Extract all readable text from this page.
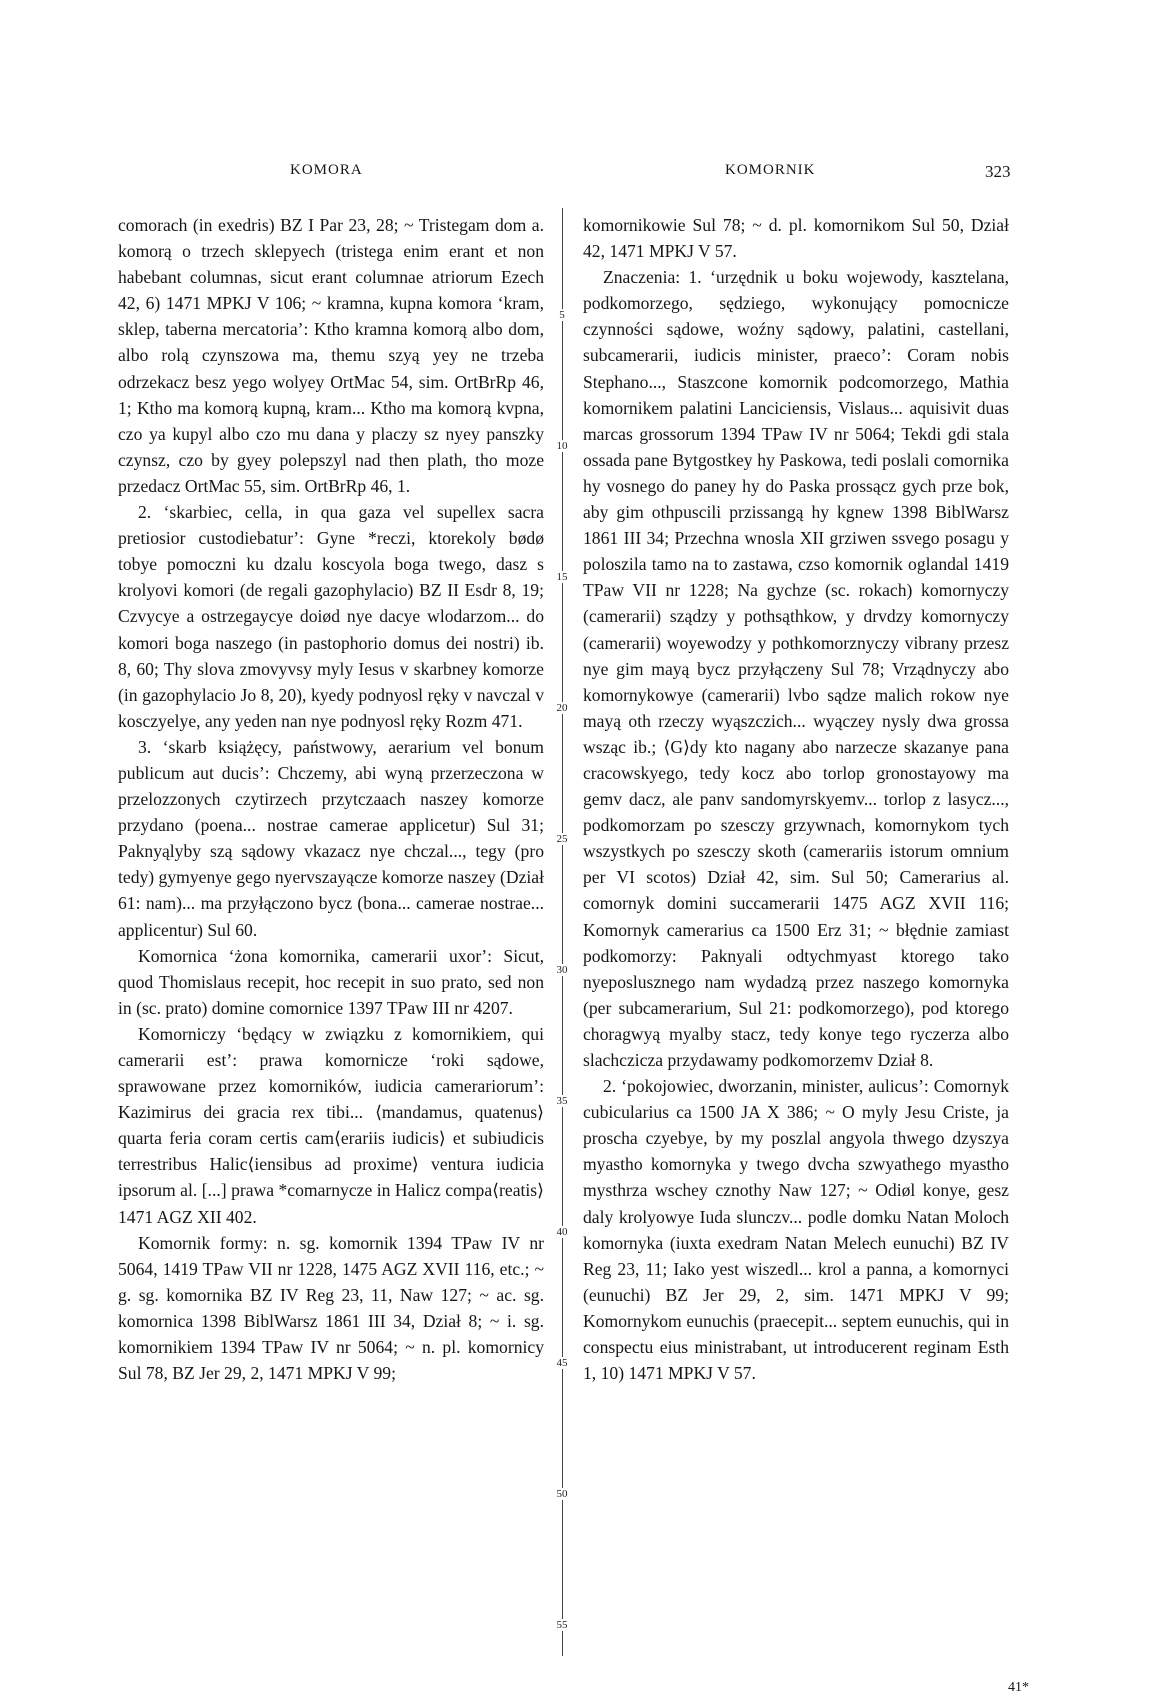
KOMORA	KOMORNIK	323

comorach (in exedris) BZ I Par 23, 28; ~ Tristegam dom a. komorą o trzech sklepyech (tristega enim erant et non habebant columnas, sicut erant columnae atriorum Ezech 42, 6) 1471 MPKJ V 106; ~ kramna, kupna komora ʻkram, sklep, taberna mercatoriaʼ: Ktho kramna komorą albo dom, albo rolą czynszowa ma, themu szyą yey ne trzeba odrzekacz besz yego wolyey OrtMac 54, sim. OrtBrRp 46, 1; Ktho ma komorą kupną, kram... Ktho ma komorą kvpna, czo ya kupyl albo czo mu dana y placzy sz nyey panszky czynsz, czo by gyey polepszyl nad then plath, tho moze przedacz OrtMac 55, sim. OrtBrRp 46, 1.

2. ʻskarbiec, cella, in qua gaza vel supellex sacra pretiosior custodiebaturʼ: Gyne *reczi, ktorekoly bødø tobye pomoczni ku dzalu koscyola boga twego, dasz s krolyovi komori (de regali gazophylacio) BZ II Esdr 8, 19; Czvycye a ostrzegaycye doiød nye dacye wlodarzom... do komori boga naszego (in pastophorio domus dei nostri) ib. 8, 60; Thy slova zmovyvsy myly Iesus v skarbney komorze (in gazophylacio Jo 8, 20), kyedy podnyosl ręky v navczal v kosczyelye, any yeden nan nye podnyosl ręky Rozm 471.

3. ʻskarb książęcy, państwowy, aerarium vel bonum publicum aut ducisʼ: Chczemy, abi wyną przerzeczona w przelozzonych czytirzech przytczaach naszey komorze przydano (poena... nostrae camerae applicetur) Sul 31; Paknyąlyby szą sądowy vkazacz nye chczal..., tegy (pro tedy) gymyenye gego nyervszayącze komorze naszey (Dział 61: nam)... ma przyłączono bycz (bona... camerae nostrae... applicentur) Sul 60.

Komornica ʻżona komornika, camerarii uxorʼ: Sicut, quod Thomislaus recepit, hoc recepit in suo prato, sed non in (sc. prato) domine comornice 1397 TPaw III nr 4207.

Komorniczy ʻbędący w związku z komornikiem, qui camerarii estʼ: prawa komornicze ʻroki sądowe, sprawowane przez komorników, iudicia camerariorumʼ: Kazimirus dei gracia rex tibi... ⟨mandamus, quatenus⟩ quarta feria coram certis cam⟨erariis iudicis⟩ et subiudicis terrestribus Halic⟨iensibus ad proxime⟩ ventura iudicia ipsorum al. [...] prawa *comarnycze in Halicz compa⟨reatis⟩ 1471 AGZ XII 402.

Komornik formy: n. sg. komornik 1394 TPaw IV nr 5064, 1419 TPaw VII nr 1228, 1475 AGZ XVII 116, etc.; ~ g. sg. komornika BZ IV Reg 23, 11, Naw 127; ~ ac. sg. komornica 1398 BiblWarsz 1861 III 34, Dział 8; ~ i. sg. komornikiem 1394 TPaw IV nr 5064; ~ n. pl. komornicy Sul 78, BZ Jer 29, 2, 1471 MPKJ V 99;

5
10
15
20
25
30
35
40
45
50
55

komornikowie Sul 78; ~ d. pl. komornikom Sul 50, Dział 42, 1471 MPKJ V 57.

Znaczenia: 1. ʻurzędnik u boku wojewody, kasztelana, podkomorzego, sędziego, wykonujący pomocnicze czynności sądowe, woźny sądowy, palatini, castellani, subcamerarii, iudicis minister, praecoʼ: Coram nobis Stephano..., Staszcone komornik podcomorzego, Mathia komornikem palatini Lanciciensis, Vislaus... aquisivit duas marcas grossorum 1394 TPaw IV nr 5064; Tekdi gdi stala ossada pane Bytgostkey hy Paskowa, tedi poslali comornika hy vosnego do paney hy do Paska prossącz gych prze bok, aby gim othpuscili przissangą hy kgnew 1398 BiblWarsz 1861 III 34; Przechna wnosla XII grziwen ssvego posagu y poloszila tamo na to zastawa, czso komornik oglandal 1419 TPaw VII nr 1228; Na gychze (sc. rokach) komornyczy (camerarii) sządzy y pothsąthkow, y drvdzy komornyczy (camerarii) woyewodzy y pothkomorznyczy vibrany przesz nye gim mayą bycz przyłączeny Sul 78; Vrządnyczy abo komornykowye (camerarii) lvbo sądze malich rokow nye mayą oth rzeczy wyąszczich... wyączey nysly dwa grossa wsząc ib.; ⟨G⟩dy kto nagany abo narzecze skazanye pana cracowskyego, tedy kocz abo torlop gronostayowy ma gemv dacz, ale panv sandomyrskyemv... torlop z lasycz..., podkomorzam po szesczy grzywnach, komornykom tych wszystkych po szesczy skoth (camerariis istorum omnium per VI scotos) Dział 42, sim. Sul 50; Camerarius al. comornyk domini succamerarii 1475 AGZ XVII 116; Komornyk camerarius ca 1500 Erz 31; ~ błędnie zamiast podkomorzy: Paknyali odtychmyast ktorego tako nyeposlusznego nam wydadzą przez naszego komornyka (per subcamerarium, Sul 21: podkomorzego), pod ktorego choragwyą myalby stacz, tedy konye tego ryczerza albo slachczicza przydawamy podkomorzemv Dział 8.

2. ʻpokojowiec, dworzanin, minister, aulicusʼ: Comornyk cubicularius ca 1500 JA X 386; ~ O myly Jesu Criste, ja proscha czyebye, by my poszlal angyola thwego dzyszya myastho komornyka y twego dvcha szwyathego myastho mysthrza wschey cznothy Naw 127; ~ Odiøl konye, gesz daly krolyowye Iuda slunczv... podle domku Natan Moloch komornyka (iuxta exedram Natan Melech eunuchi) BZ IV Reg 23, 11; Iako yest wiszedl... krol a panna, a komornyci (eunuchi) BZ Jer 29, 2, sim. 1471 MPKJ V 99; Komornykom eunuchis (praecepit... septem eunuchis, qui in conspectu eius ministrabant, ut introducerent reginam Esth 1, 10) 1471 MPKJ V 57.

41*
